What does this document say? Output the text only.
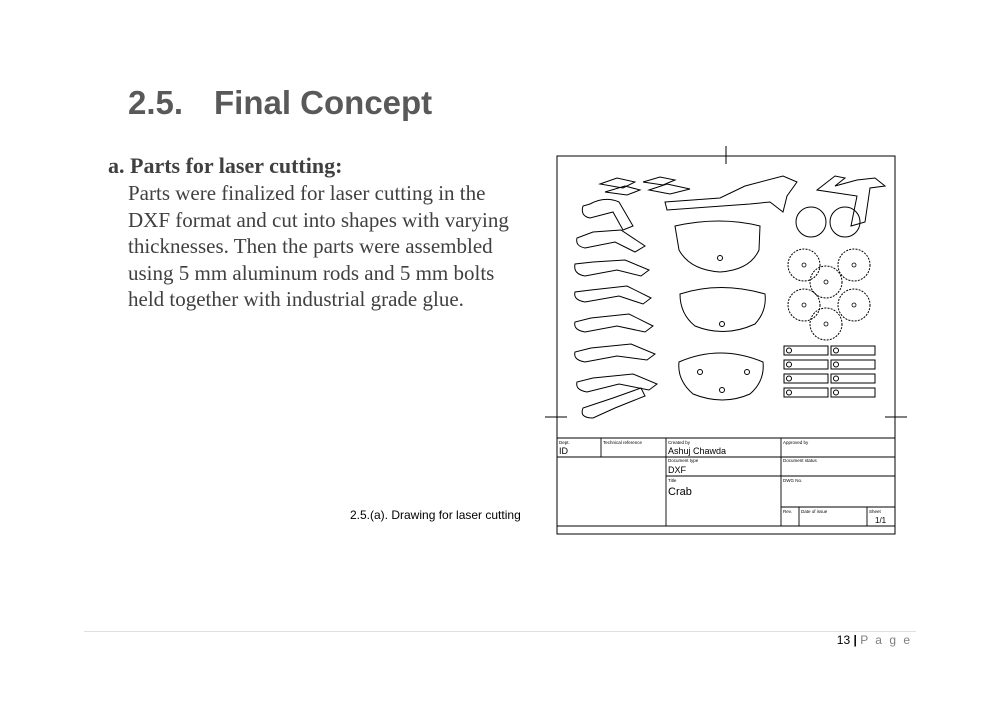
2.5. Final Concept
a. Parts for laser cutting:
Parts were finalized for laser cutting in the DXF format and cut into shapes with varying thicknesses. Then the parts were assembled using 5 mm aluminum rods and 5 mm bolts held together with industrial grade glue.
2.5.(a). Drawing for laser cutting
Dept.
ID
Technical reference	Created by
Ashuj Chawda
Approved by
Document type
DXF
Document status
Title
Crab
DWG No.
Rev. Date of issue	Sheet
1/1
13 | P a g e
